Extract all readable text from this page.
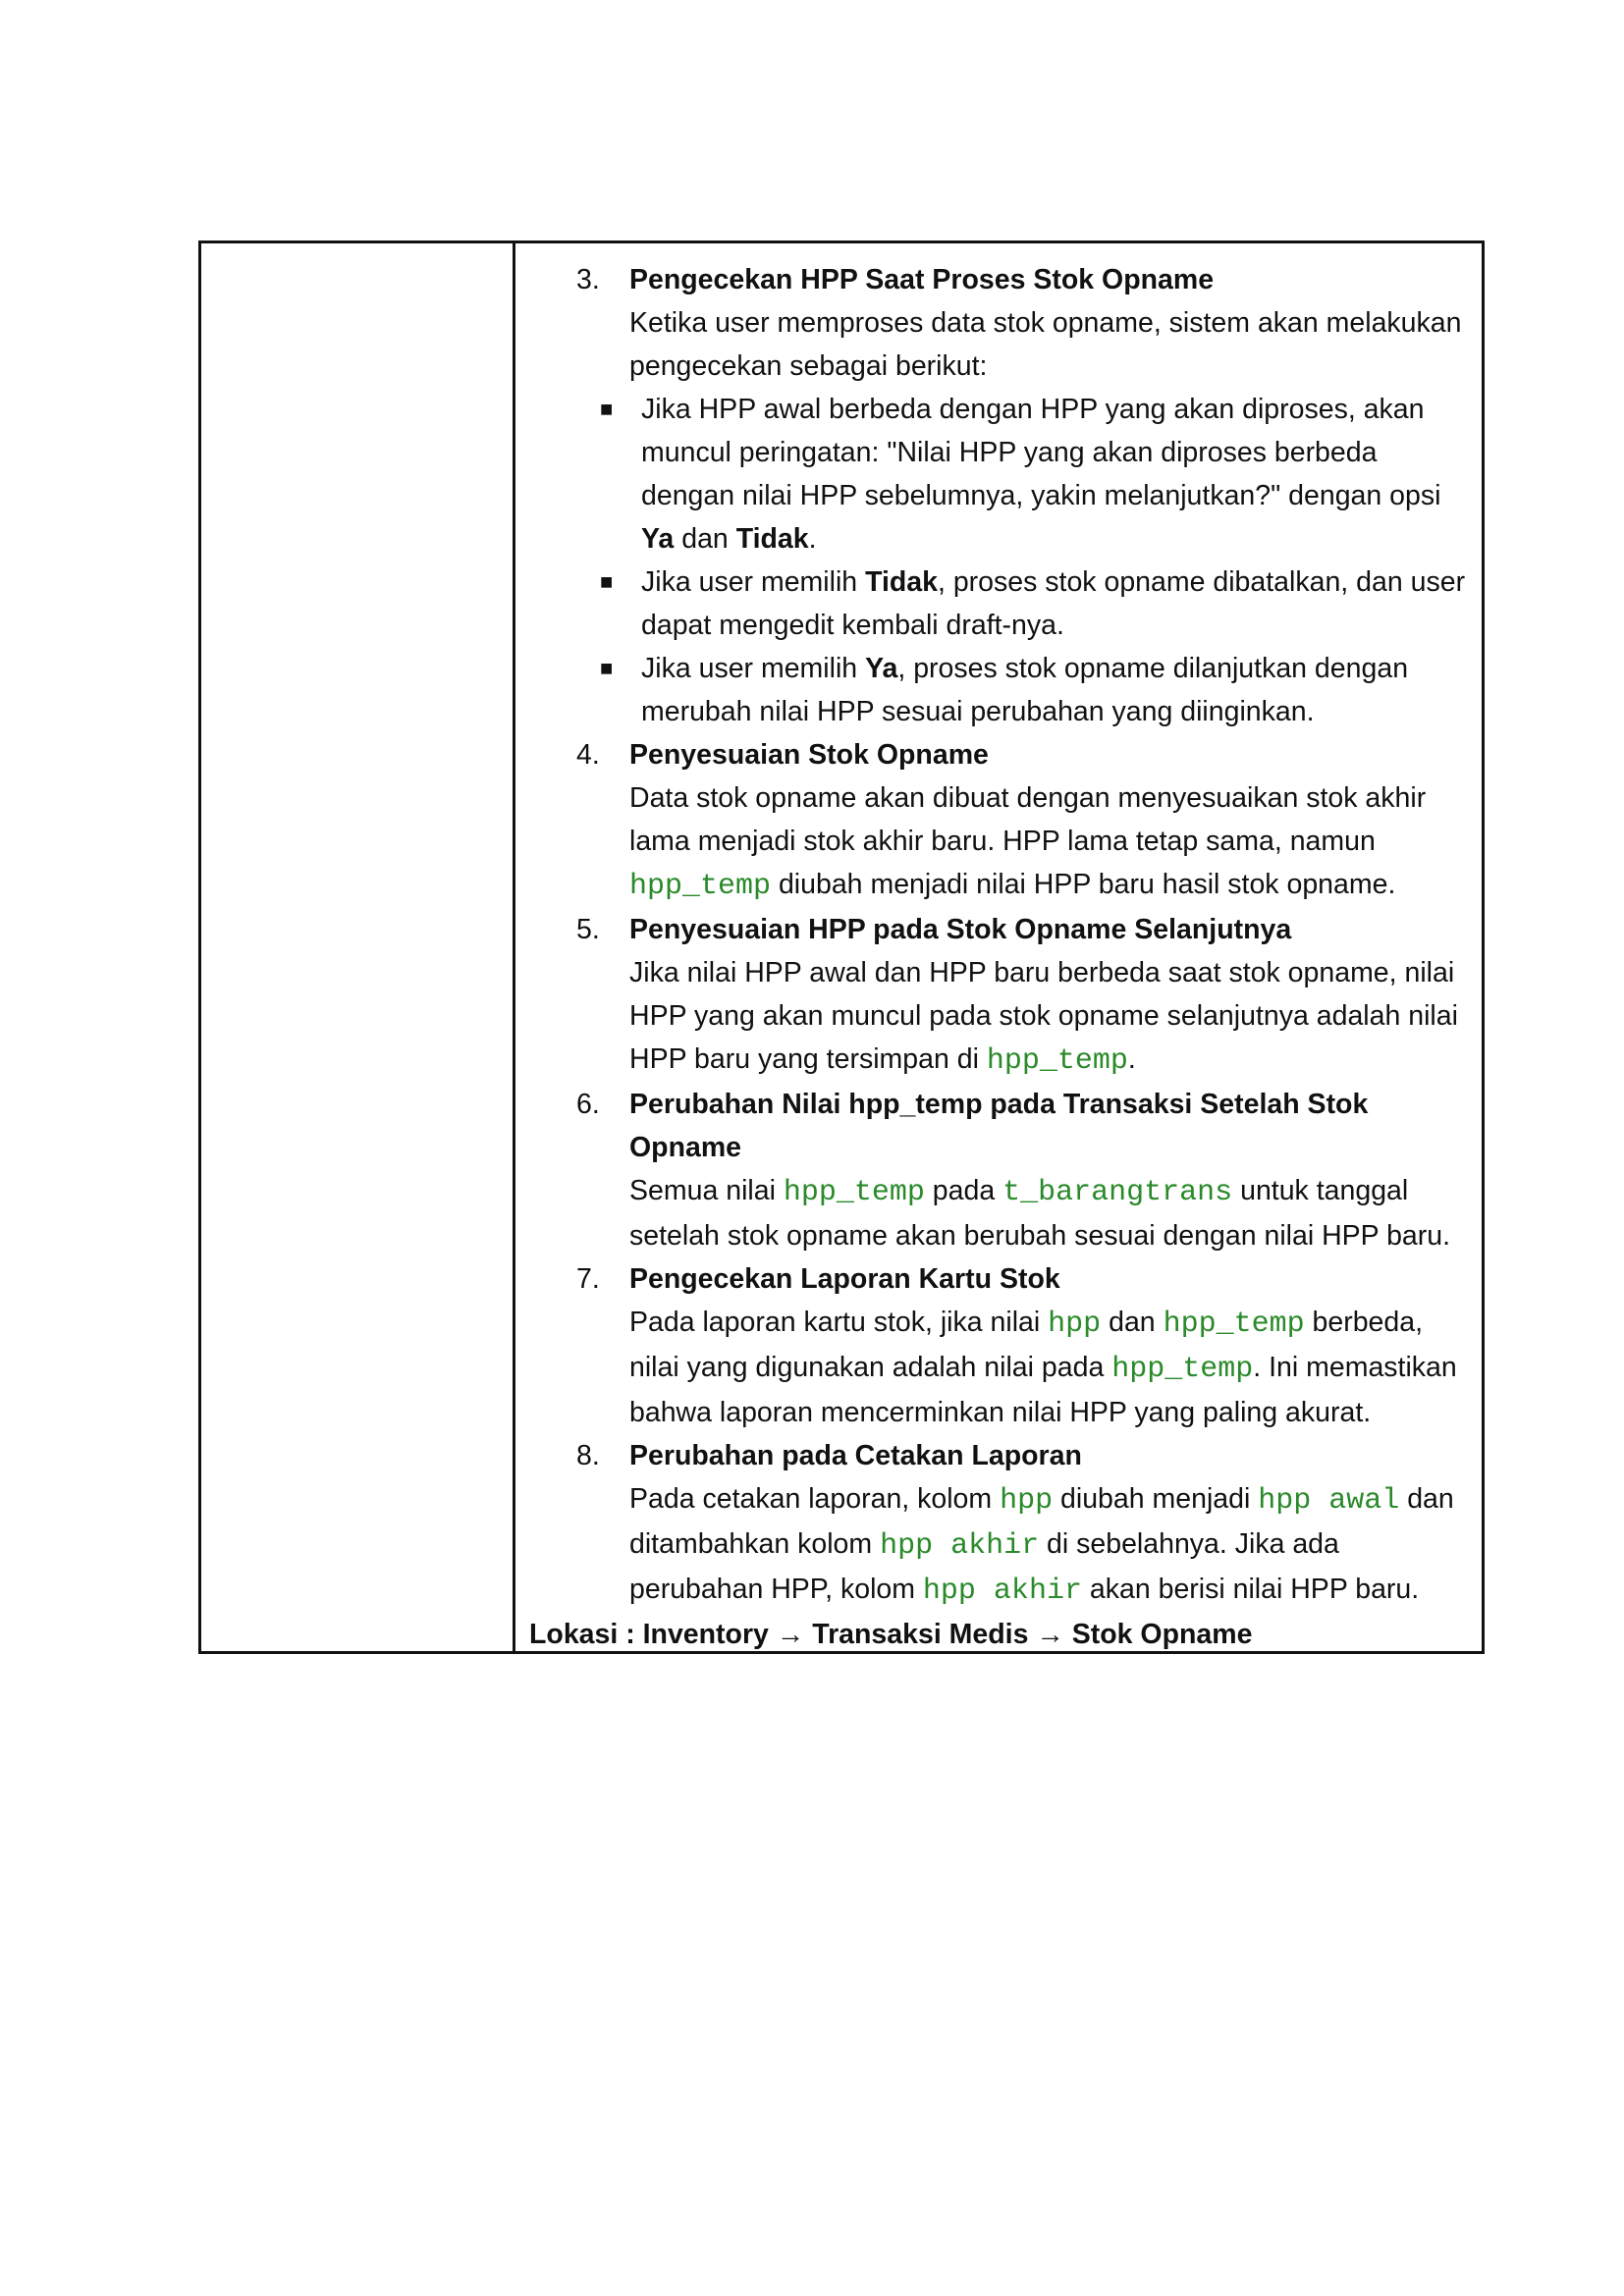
3. Pengecekan HPP Saat Proses Stok Opname
Ketika user memproses data stok opname, sistem akan melakukan pengecekan sebagai berikut:
■ Jika HPP awal berbeda dengan HPP yang akan diproses, akan muncul peringatan: "Nilai HPP yang akan diproses berbeda dengan nilai HPP sebelumnya, yakin melanjutkan?" dengan opsi Ya dan Tidak.
■ Jika user memilih Tidak, proses stok opname dibatalkan, dan user dapat mengedit kembali draft-nya.
■ Jika user memilih Ya, proses stok opname dilanjutkan dengan merubah nilai HPP sesuai perubahan yang diinginkan.
4. Penyesuaian Stok Opname
Data stok opname akan dibuat dengan menyesuaikan stok akhir lama menjadi stok akhir baru. HPP lama tetap sama, namun hpp_temp diubah menjadi nilai HPP baru hasil stok opname.
5. Penyesuaian HPP pada Stok Opname Selanjutnya
Jika nilai HPP awal dan HPP baru berbeda saat stok opname, nilai HPP yang akan muncul pada stok opname selanjutnya adalah nilai HPP baru yang tersimpan di hpp_temp.
6. Perubahan Nilai hpp_temp pada Transaksi Setelah Stok Opname
Semua nilai hpp_temp pada t_barangtrans untuk tanggal setelah stok opname akan berubah sesuai dengan nilai HPP baru.
7. Pengecekan Laporan Kartu Stok
Pada laporan kartu stok, jika nilai hpp dan hpp_temp berbeda, nilai yang digunakan adalah nilai pada hpp_temp. Ini memastikan bahwa laporan mencerminkan nilai HPP yang paling akurat.
8. Perubahan pada Cetakan Laporan
Pada cetakan laporan, kolom hpp diubah menjadi hpp awal dan ditambahkan kolom hpp akhir di sebelahnya. Jika ada perubahan HPP, kolom hpp akhir akan berisi nilai HPP baru.
Lokasi : Inventory → Transaksi Medis → Stok Opname
